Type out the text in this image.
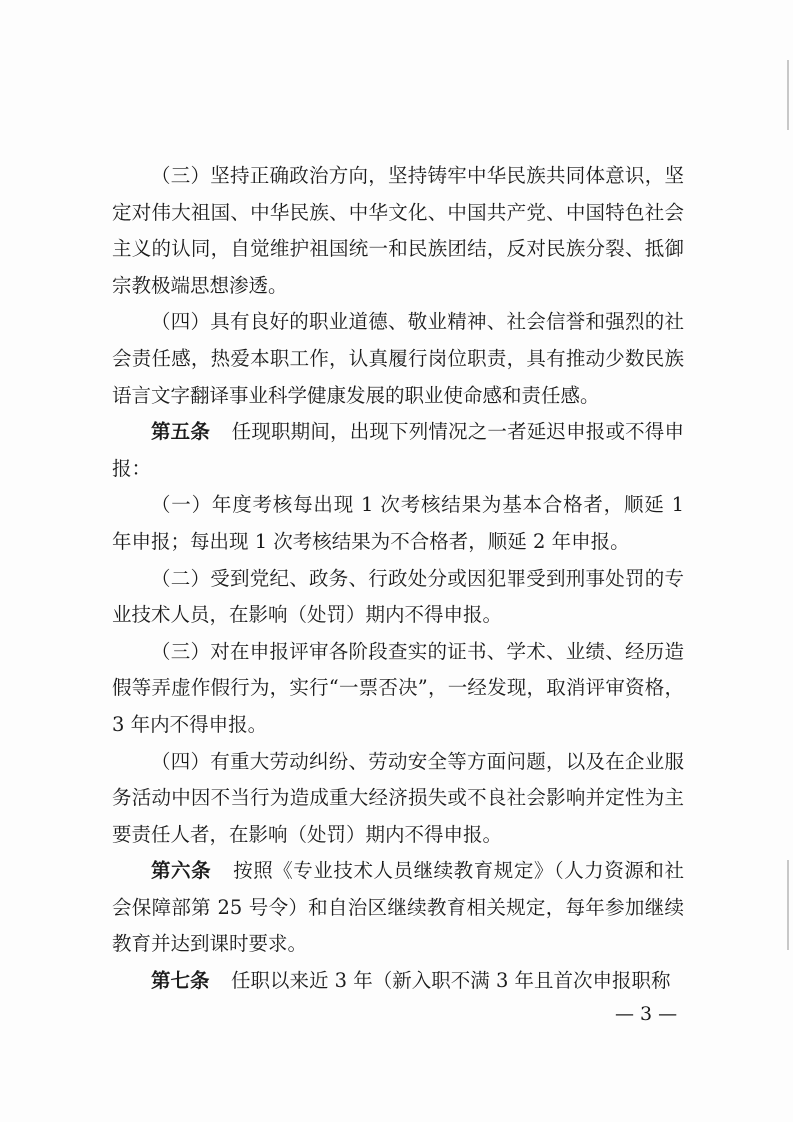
（三）坚持正确政治方向，坚持铸牢中华民族共同体意识，坚定对伟大祖国、中华民族、中华文化、中国共产党、中国特色社会主义的认同，自觉维护祖国统一和民族团结，反对民族分裂、抵御宗教极端思想渗透。

（四）具有良好的职业道德、敬业精神、社会信誉和强烈的社会责任感，热爱本职工作，认真履行岗位职责，具有推动少数民族语言文字翻译事业科学健康发展的职业使命感和责任感。

第五条 任现职期间，出现下列情况之一者延迟申报或不得申报：

（一）年度考核每出现 1 次考核结果为基本合格者，顺延 1 年申报；每出现 1 次考核结果为不合格者，顺延 2 年申报。

（二）受到党纪、政务、行政处分或因犯罪受到刑事处罚的专业技术人员，在影响（处罚）期内不得申报。

（三）对在申报评审各阶段查实的证书、学术、业绩、经历造假等弄虚作假行为，实行“一票否决”，一经发现，取消评审资格，3 年内不得申报。

（四）有重大劳动纠纷、劳动安全等方面问题，以及在企业服务活动中因不当行为造成重大经济损失或不良社会影响并定性为主要责任人者，在影响（处罚）期内不得申报。

第六条 按照《专业技术人员继续教育规定》（人力资源和社会保障部第 25 号令）和自治区继续教育相关规定，每年参加继续教育并达到课时要求。

第七条 任职以来近 3 年（新入职不满 3 年且首次申报职称

— 3 —
